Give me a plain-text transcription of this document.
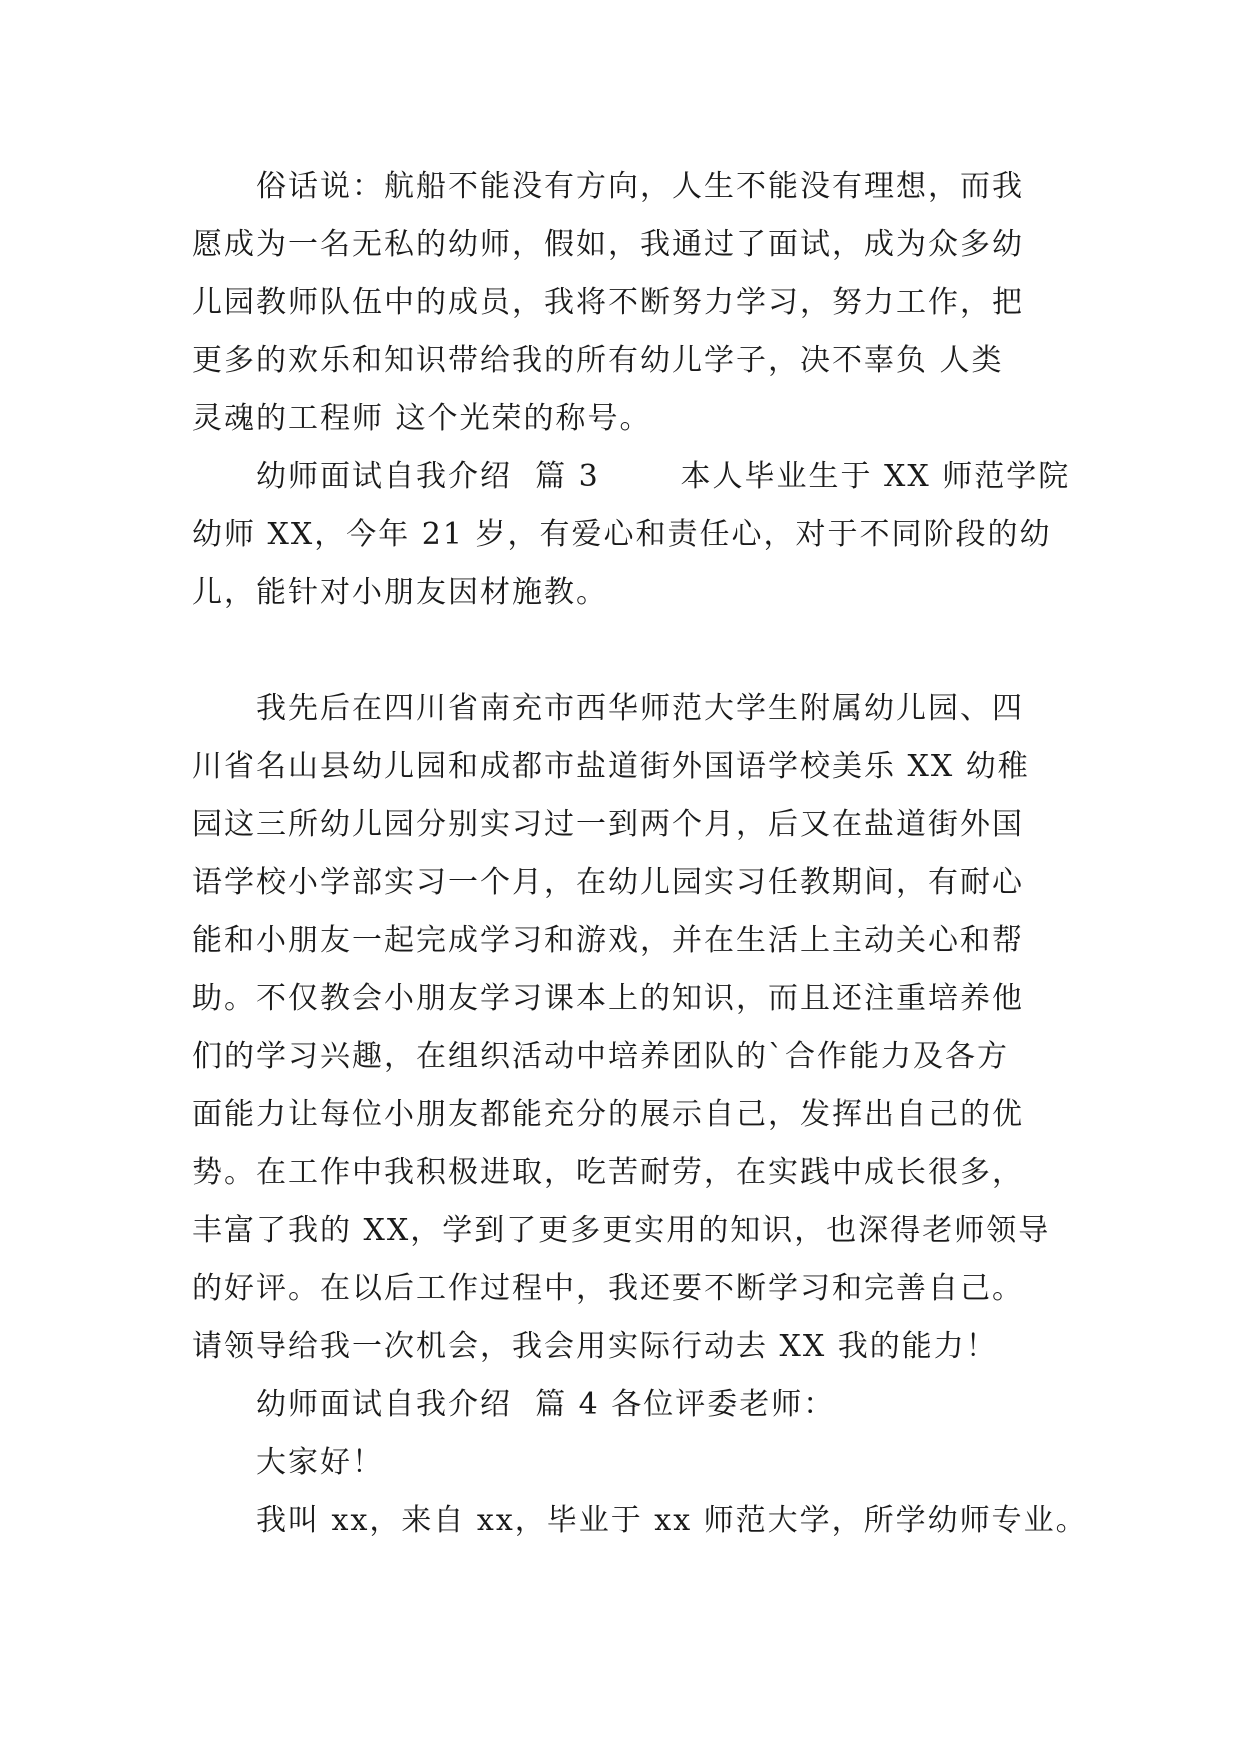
俗话说：航船不能没有方向，人生不能没有理想，而我
愿成为一名无私的幼师，假如，我通过了面试，成为众多幼
儿园教师队伍中的成员，我将不断努力学习，努力工作，把
更多的欢乐和知识带给我的所有幼儿学子，决不辜负 人类
灵魂的工程师 这个光荣的称号。
幼师面试自我介绍  篇 3       本人毕业生于 XX 师范学院
幼师 XX，今年 21 岁，有爱心和责任心，对于不同阶段的幼
儿，能针对小朋友因材施教。
我先后在四川省南充市西华师范大学生附属幼儿园、四
川省名山县幼儿园和成都市盐道街外国语学校美乐 XX 幼稚
园这三所幼儿园分别实习过一到两个月，后又在盐道街外国
语学校小学部实习一个月，在幼儿园实习任教期间，有耐心
能和小朋友一起完成学习和游戏，并在生活上主动关心和帮
助。不仅教会小朋友学习课本上的知识，而且还注重培养他
们的学习兴趣，在组织活动中培养团队的`合作能力及各方
面能力让每位小朋友都能充分的展示自己，发挥出自己的优
势。在工作中我积极进取，吃苦耐劳，在实践中成长很多，
丰富了我的 XX，学到了更多更实用的知识，也深得老师领导
的好评。在以后工作过程中，我还要不断学习和完善自己。
请领导给我一次机会，我会用实际行动去 XX 我的能力！
幼师面试自我介绍  篇 4 各位评委老师：
大家好！
我叫 xx，来自 xx，毕业于 xx 师范大学，所学幼师专业。
